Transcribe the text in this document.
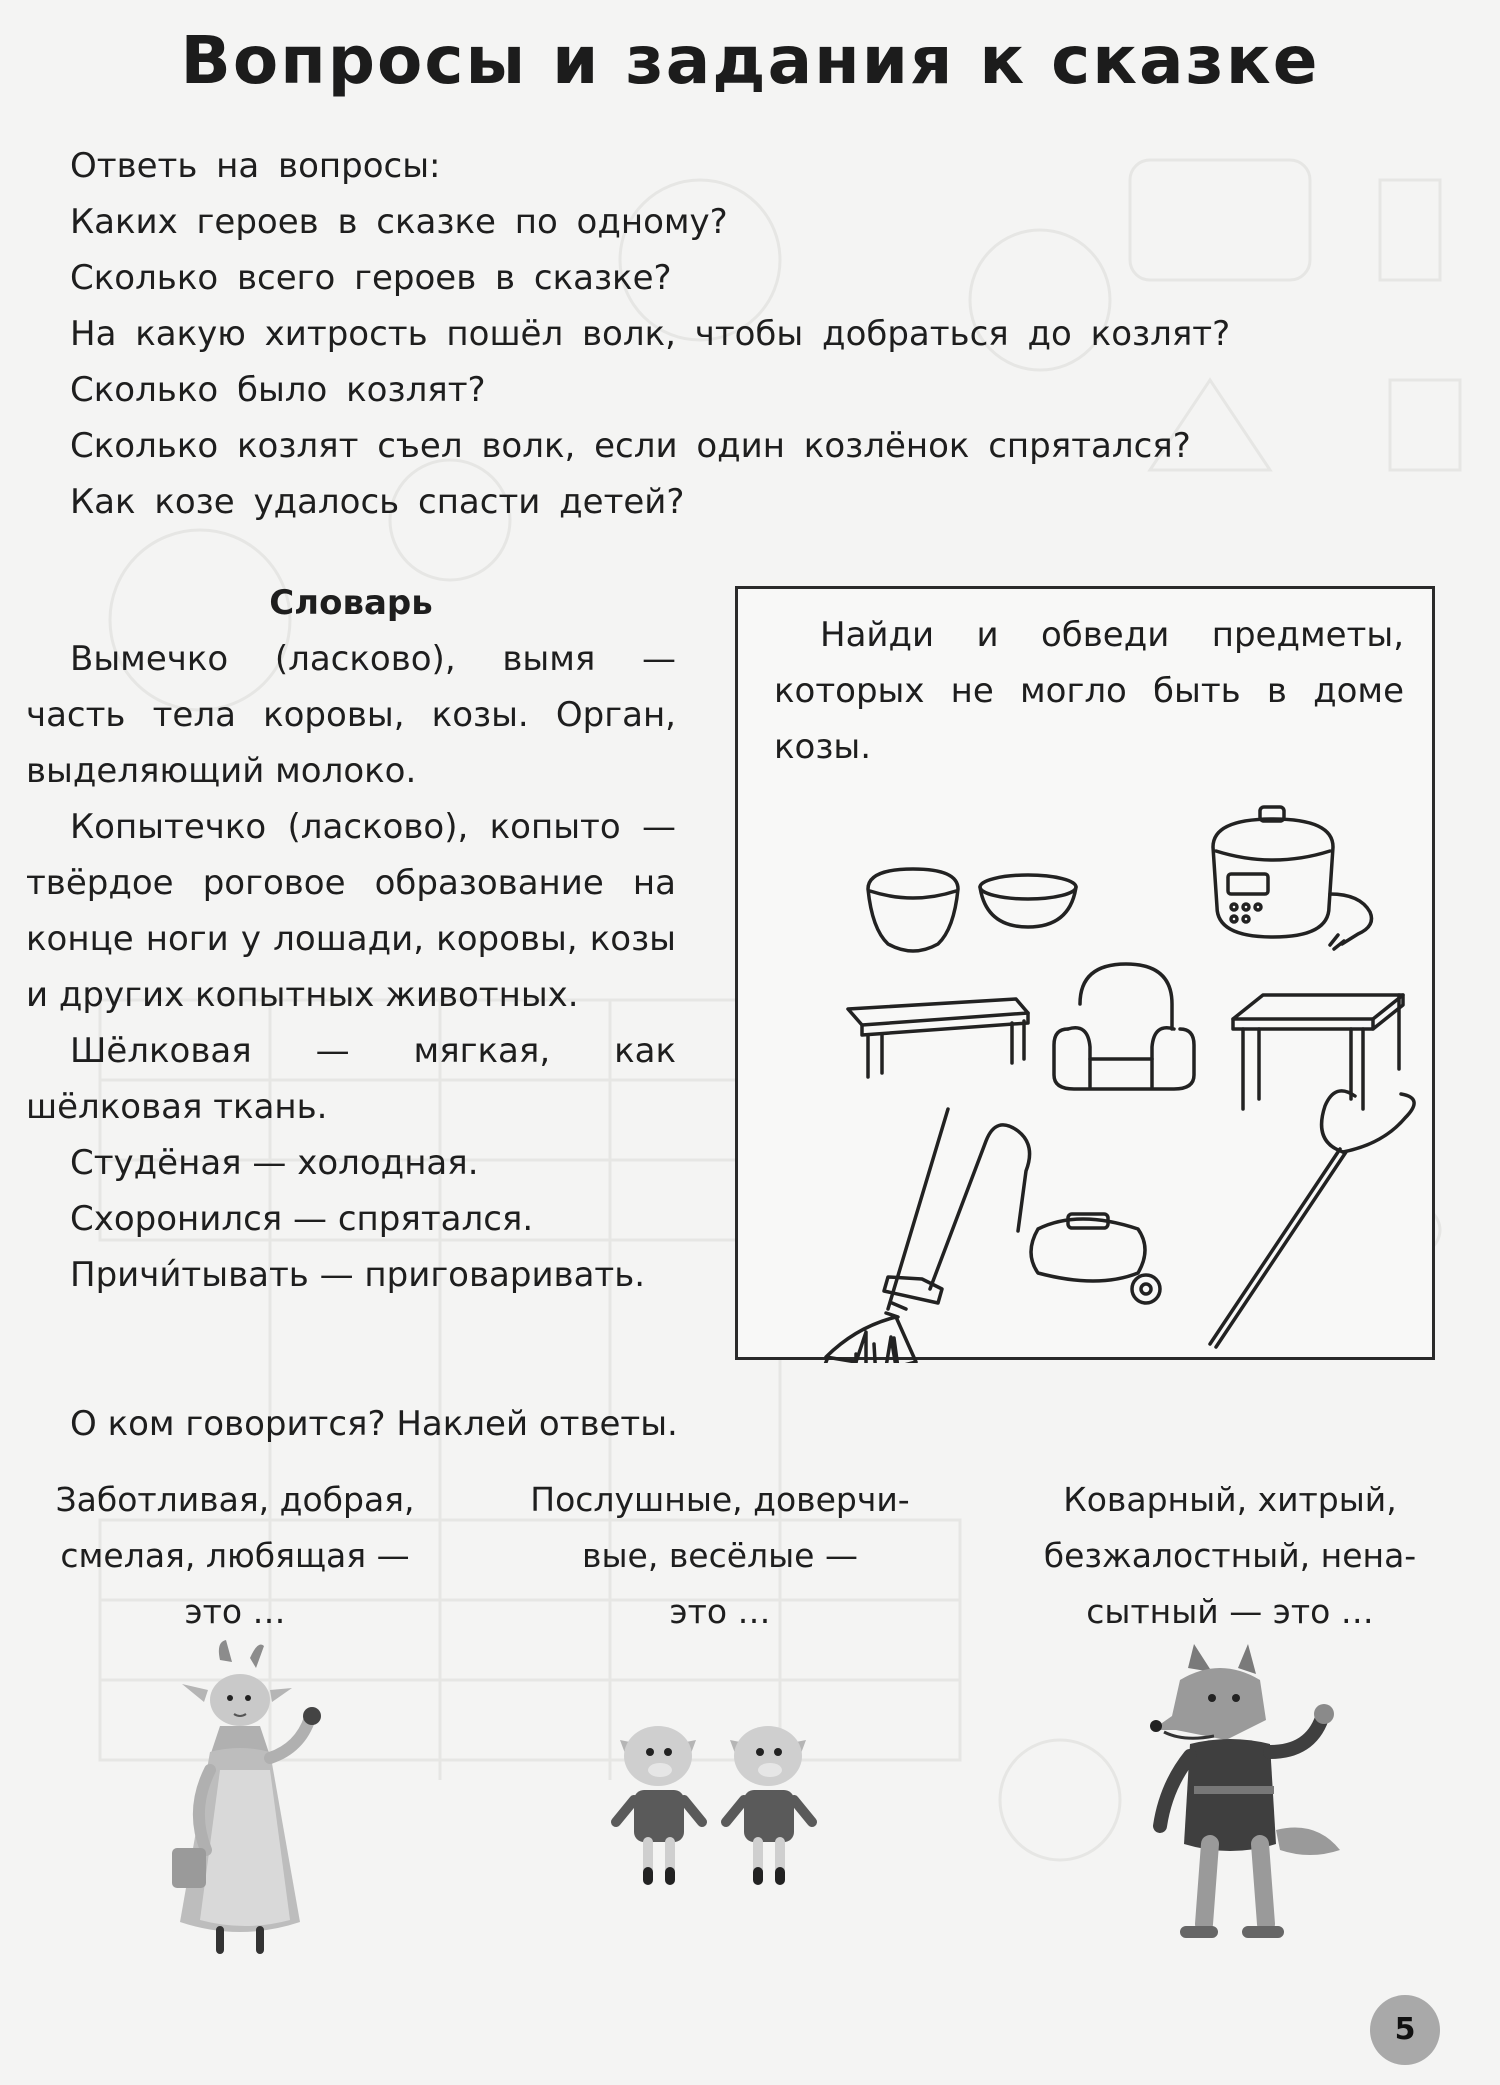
Вопросы и задания к сказке
Ответь на вопросы:
Каких героев в сказке по одному?
Сколько всего героев в сказке?
На какую хитрость пошёл волк, чтобы добраться до козлят?
Сколько было козлят?
Сколько козлят съел волк, если один козлёнок спрятался?
Как козе удалось спасти детей?
Словарь

Вымечко (ласково), вымя — часть тела коровы, козы. Орган, выделяющий молоко.

Копытечко (ласково), копыто — твёрдое роговое образование на конце ноги у лошади, коровы, козы и других копытных животных.

Шёлковая — мягкая, как шёлковая ткань.

Студёная — холодная.

Схоронился — спрятался.

Причи́тывать — приговаривать.

Найди и обведи предметы, которых не могло быть в доме козы.
О ком говорится? Наклей ответы.
Заботливая, добрая,
смелая, любящая —
это …
Послушные, доверчи-
вые, весёлые —
это …
Коварный, хитрый,
безжалостный, нена-
сытный — это …
5
